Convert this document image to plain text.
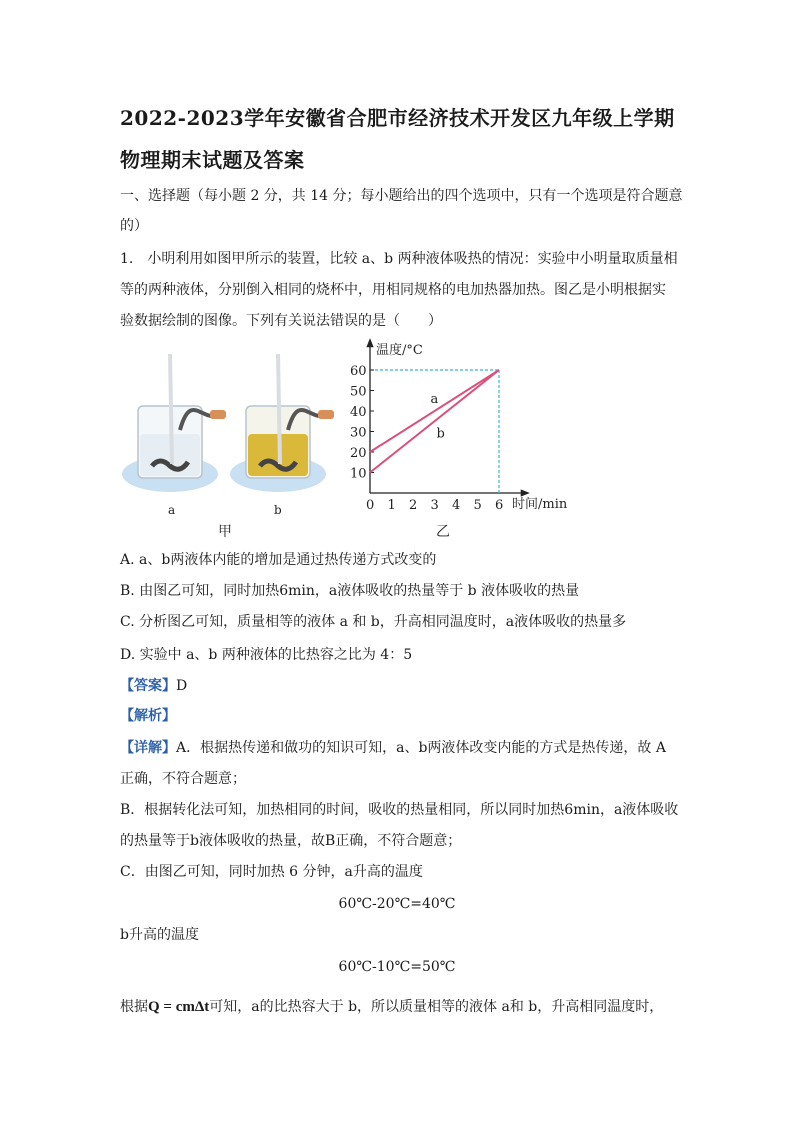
2022-2023学年安徽省合肥市经济技术开发区九年级上学期
物理期末试题及答案
一、选择题（每小题 2 分，共 14 分；每小题给出的四个选项中，只有一个选项是符合题意
的）
1.　小明利用如图甲所示的装置，比较 a、b 两种液体吸热的情况：实验中小明量取质量相
等的两种液体，分别倒入相同的烧杯中，用相同规格的电加热器加热。图乙是小明根据实
验数据绘制的图像。下列有关说法错误的是（　　）
a	b
甲
温度/°C
时间/min
0 1 2 3 4 5 6
10
20
30
40
50
60
a
b
乙
A. a、b两液体内能的增加是通过热传递方式改变的
B. 由图乙可知，同时加热6min，a液体吸收的热量等于 b 液体吸收的热量
C. 分析图乙可知，质量相等的液体 a 和 b，升高相同温度时，a液体吸收的热量多
D. 实验中 a、b 两种液体的比热容之比为 4：5
【答案】D
【解析】
【详解】A．根据热传递和做功的知识可知，a、b两液体改变内能的方式是热传递，故 A
正确，不符合题意；
B．根据转化法可知，加热相同的时间，吸收的热量相同，所以同时加热6min，a液体吸收
的热量等于b液体吸收的热量，故B正确，不符合题意；
C．由图乙可知，同时加热 6 分钟，a升高的温度
60℃-20℃=40℃
b升高的温度
60℃-10℃=50℃
根据Q = cmΔt可知，a的比热容大于 b，所以质量相等的液体 a和 b，升高相同温度时，
